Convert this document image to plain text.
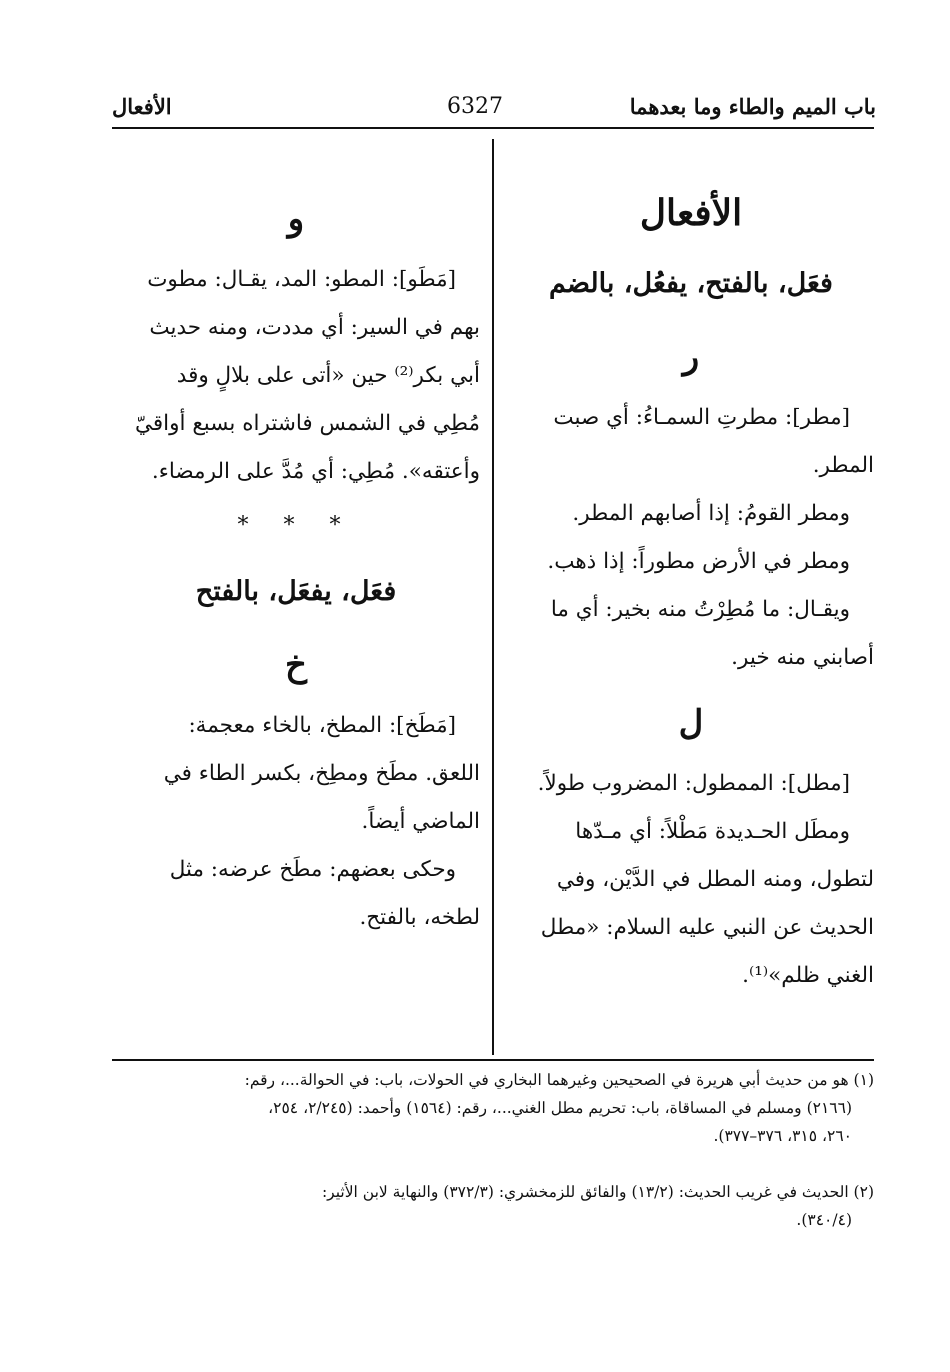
باب الميم والطاء وما بعدهما
6327
الأفعال
الأفعال
فعَل، بالفتح، يفعُل، بالضم
ر

[مطر]: مطرتِ السمـاءُ: أي صبت
المطر.

ومطر القومُ: إذا أصابهم المطر.

ومطر في الأرض مطوراً: إذا ذهب.

ويقـال: ما مُطِرْتُ منه بخير: أي ما
أصابني منه خير.

ل

[مطل]: الممطول: المضروب طولاً.

ومطَل الحـديدة مَطْلاً: أي مـدّها
لتطول، ومنه المطل في الدَّيْن، وفي
الحديث عن النبي عليه السلام: «مطل
الغني ظلم»⁽¹⁾.

و

[مَطَو]: المطو: المد، يقـال: مطوت
بهم في السير: أي مددت، ومنه حديث
أبي بكر⁽²⁾ حين «أتى على بلالٍ وقد
مُطِي في الشمس فاشتراه بسبع أواقيّ
وأعتقه». مُطِي: أي مُدَّ على الرمضاء.

* * *
فعَل، يفعَل، بالفتح
خ

[مَطَخ]: المطخ، بالخاء معجمة:
اللعق. مطَخ ومطِخ، بكسر الطاء في
الماضي أيضاً.

وحكى بعضهم: مطَخ عرضه: مثل
لطخه، بالفتح.

(١) هو من حديث أبي هريرة في الصحيحين وغيرهما البخاري في الحولات، باب: في الحوالة...، رقم:
(٢١٦٦) ومسلم في المساقاة، باب: تحريم مطل الغني...، رقم: (١٥٦٤) وأحمد: (٢/٢٤٥، ٢٥٤،
٢٦٠، ٣١٥، ٣٧٦–٣٧٧).
(٢) الحديث في غريب الحديث: (١٣/٢) والفائق للزمخشري: (٣٧٢/٣) والنهاية لابن الأثير:
(٣٤٠/٤).
